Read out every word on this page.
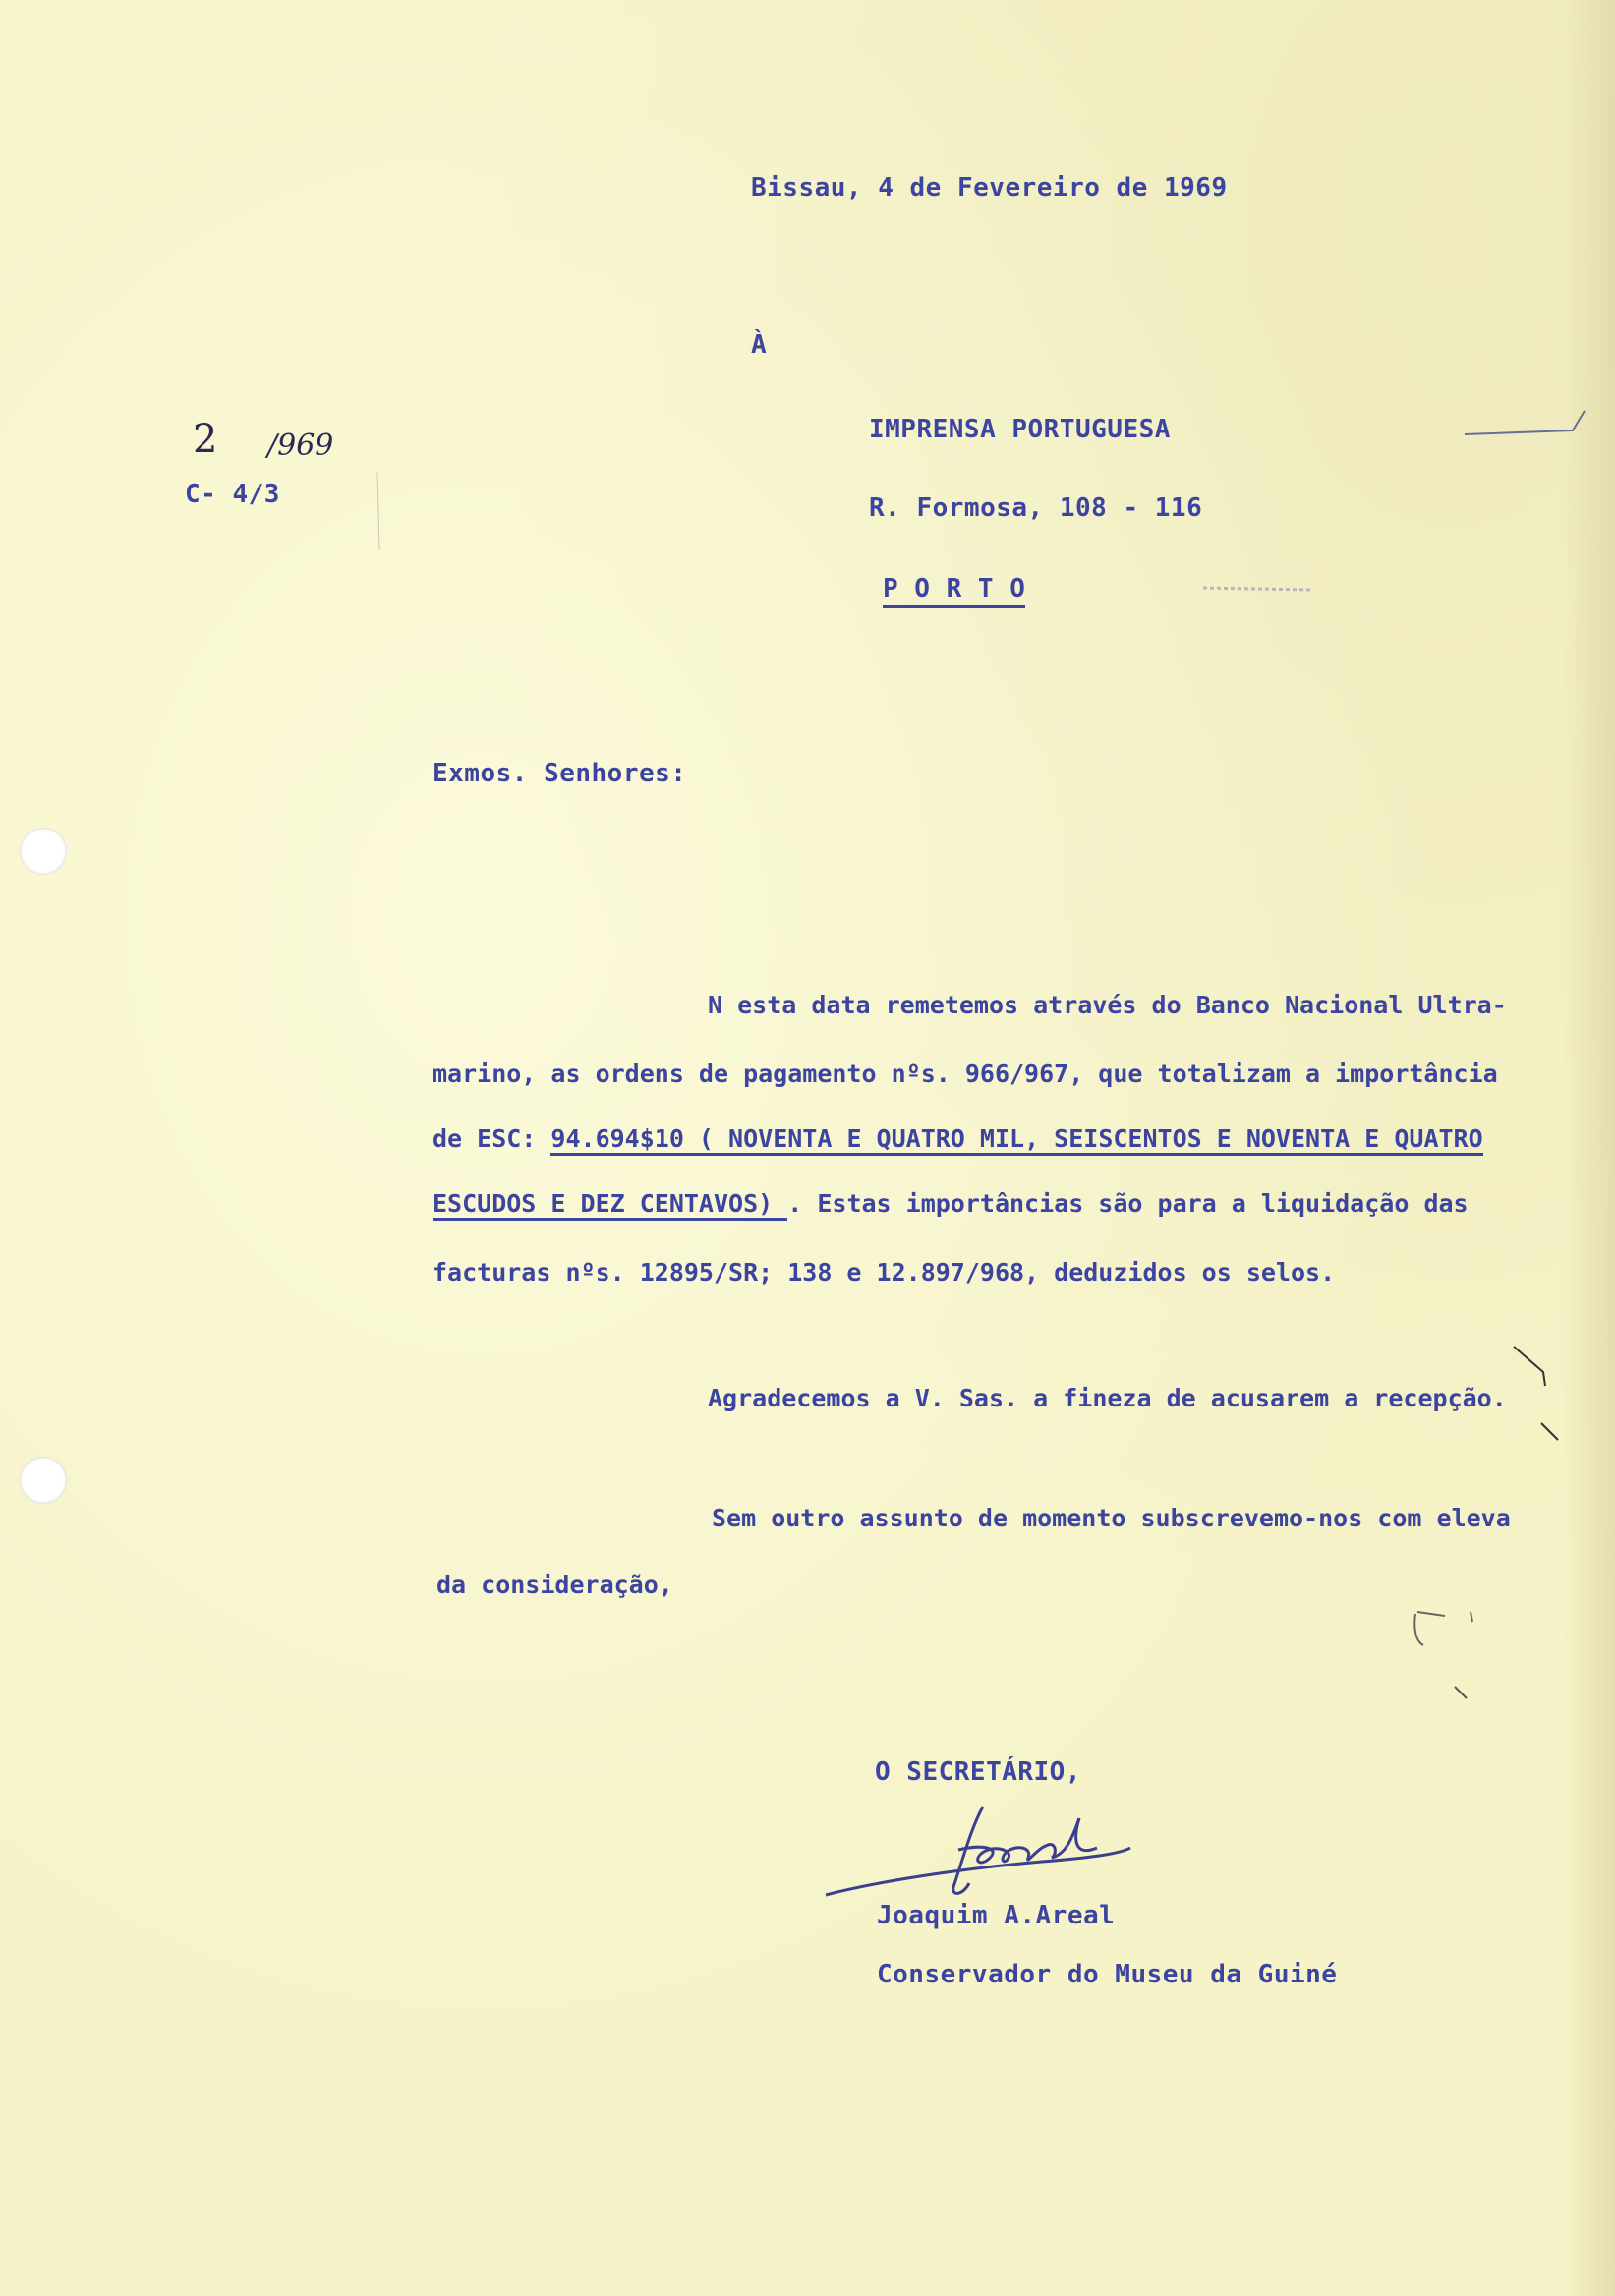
Bissau, 4 de Fevereiro de 1969

À

2 /969

C- 4/3

IMPRENSA PORTUGUESA

R. Formosa, 108 - 116

P O R T O

Exmos. Senhores:

N esta data remetemos através do Banco Nacional Ultra-

marino, as ordens de pagamento nºs. 966/967, que totalizam a importância

de ESC: 94.694$10 ( NOVENTA E QUATRO MIL, SEISCENTOS E NOVENTA E QUATRO

ESCUDOS E DEZ CENTAVOS) . Estas importâncias são para a liquidação das

facturas nºs. 12895/SR; 138 e 12.897/968, deduzidos os selos.

Agradecemos a V. Sas. a fineza de acusarem a recepção.

Sem outro assunto de momento subscrevemo-nos com eleva

da consideração,

O SECRETÁRIO,

Joaquim A.Areal

Conservador do Museu da Guiné
